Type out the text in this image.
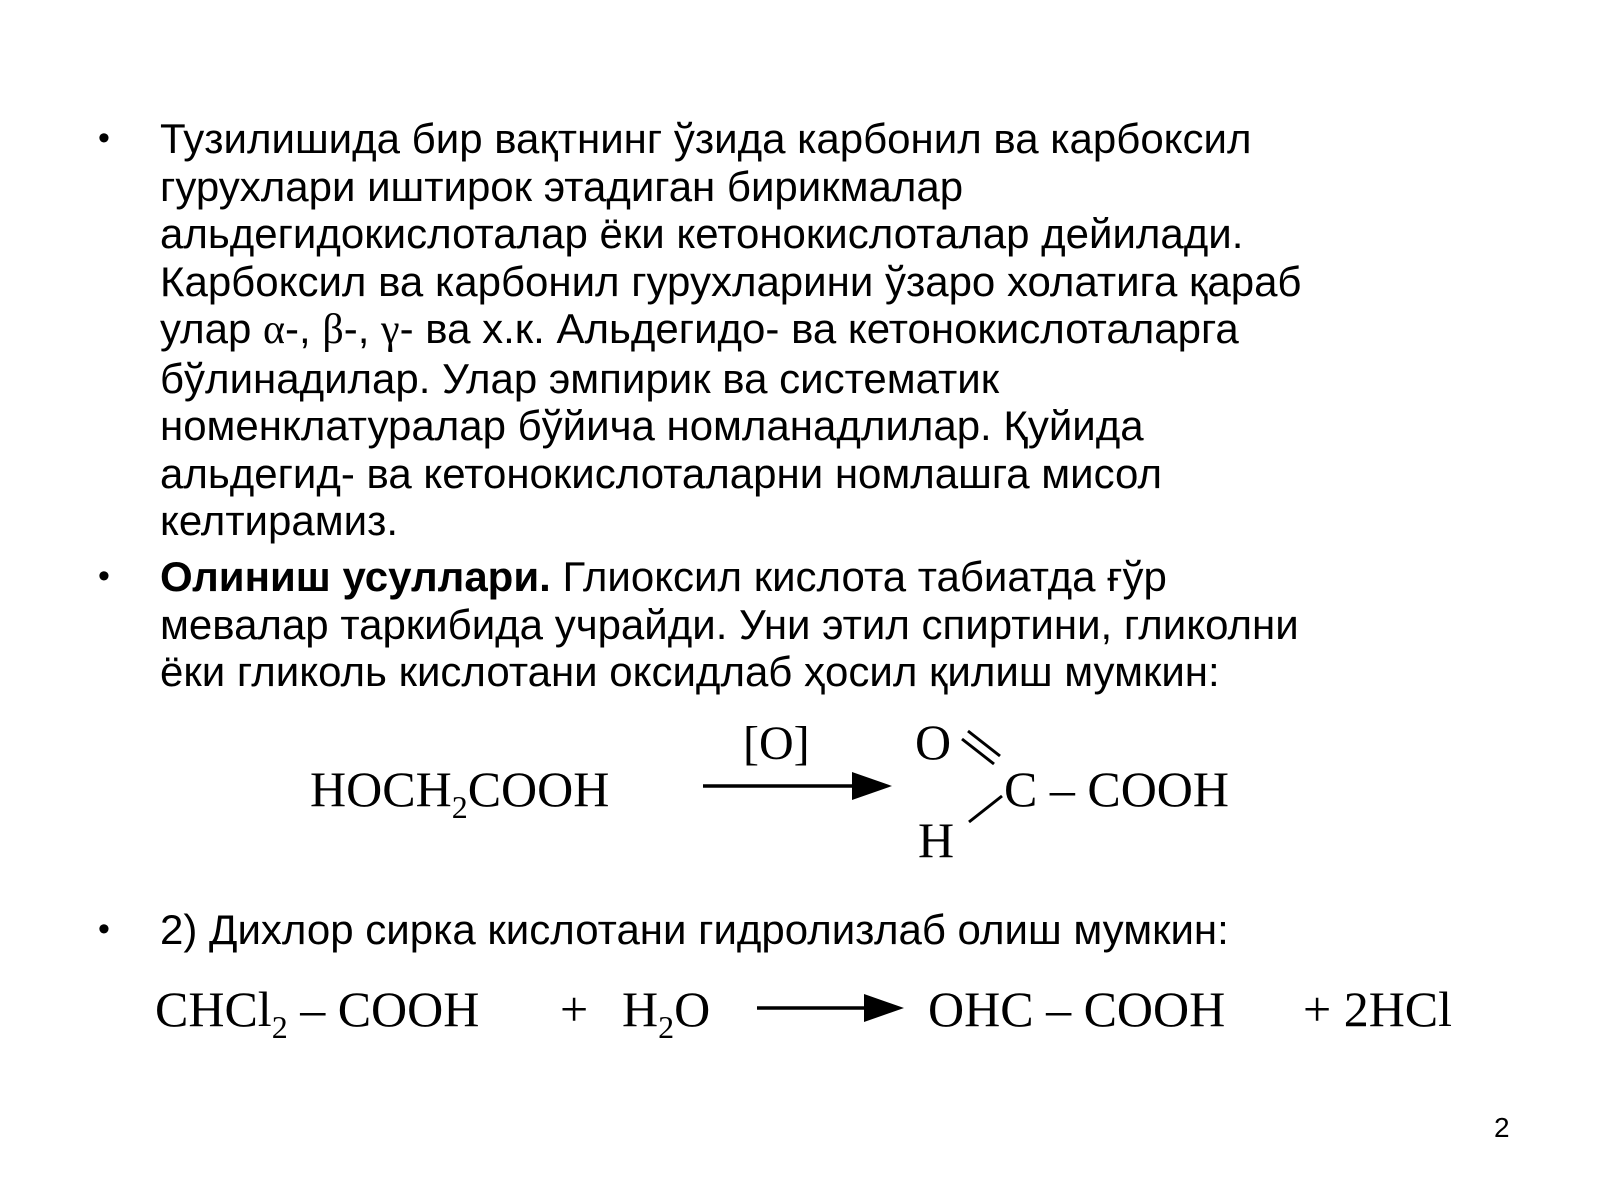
• Тузилишида бир вақтнинг ўзида карбонил ва карбоксил
гурухлари иштирок этадиган бирикмалар
альдегидокислоталар ёки кетонокислоталар дейилади.
Карбоксил ва карбонил гурухларини ўзаро холатига қараб
улар α-, β-, γ- ва х.к. Альдегидо- ва кетонокислоталарга
бўлинадилар. Улар эмпирик ва систематик
номенклатуралар бўйича номланадлилар. Қуйида
альдегид- ва кетонокислоталарни номлашга мисол
келтирамиз.
• Олиниш усуллари. Глиоксил кислота табиатда ғўр
мевалар таркибида учрайди. Уни этил спиртини, гликолни
ёки гликоль кислотани оксидлаб ҳосил қилиш мумкин:
$HOCH_2COOH$
[O] O
H
C – COOH
• 2) Дихлор сирка кислотани гидролизлаб олиш мумкин:
CHCl$_2$ – COOH + $H_2O$	OHC – COOH + 2HCl
2
